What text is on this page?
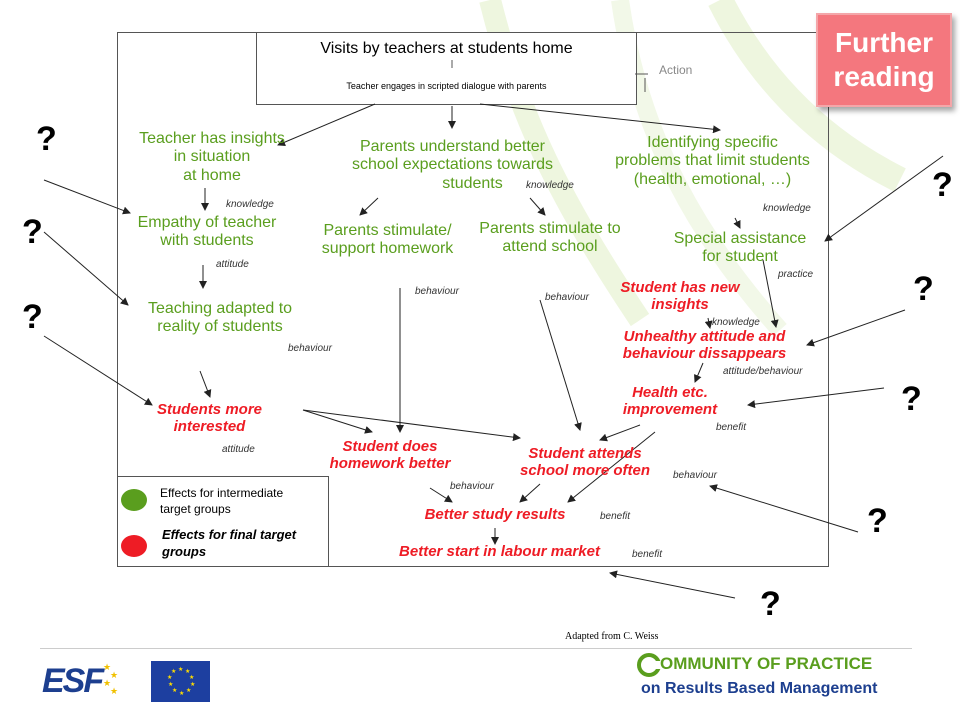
Visits by teachers at students home
Teacher engages in scripted dialogue with parents
Action
Further
reading
Teacher has insights
in situation
at home
Parents understand better
school expectations towards
students
Identifying specific
problems that limit students
(health, emotional, …)
Empathy of teacher
with students
Parents stimulate/
support homework
Parents stimulate to
attend school	Special assistance
for student
Teaching adapted to
reality of students
Student has new
insights
Unhealthy attitude and
behaviour dissappears
Health etc.
improvement
Students more
interested
Student does
homework better
Student attends
school more often
Better study results
Better start in labour market
knowledge
knowledge
knowledge
knowledge
attitude
attitude
behaviour
behaviour
behaviour
behaviour
behaviour
practice
attitude/behaviour
benefit
benefit
benefit
Effects for intermediate
target groups
Effects for final target
groups
?
?
?
?
?
?
?
?
Adapted from C. Weiss
ESF ★
★
★
★
★ ★
★
★
★
★
★
★
★
★	OMMUNITY OF PRACTICE
on Results Based Management
